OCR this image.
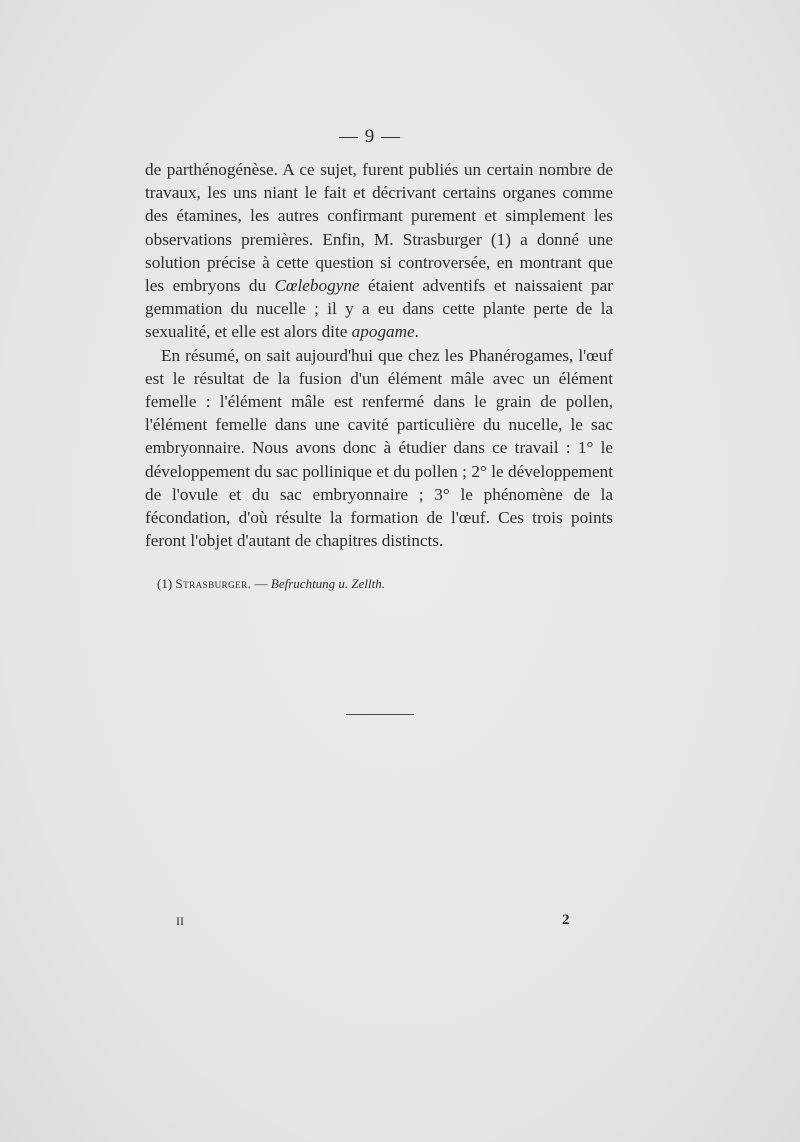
— 9 —

de parthénogénèse. A ce sujet, furent publiés un certain nombre de travaux, les uns niant le fait et décrivant certains organes comme des étamines, les autres confirmant purement et simplement les observations premières. Enfin, M. Strasburger (1) a donné une solution précise à cette question si controversée, en montrant que les embryons du Cœlebogyne étaient adventifs et naissaient par gemmation du nucelle ; il y a eu dans cette plante perte de la sexualité, et elle est alors dite apogame.

En résumé, on sait aujourd'hui que chez les Phanérogames, l'œuf est le résultat de la fusion d'un élément mâle avec un élément femelle : l'élément mâle est renfermé dans le grain de pollen, l'élément femelle dans une cavité particulière du nucelle, le sac embryonnaire. Nous avons donc à étudier dans ce travail : 1° le développement du sac pollinique et du pollen ; 2° le développement de l'ovule et du sac embryonnaire ; 3° le phénomène de la fécondation, d'où résulte la formation de l'œuf. Ces trois points feront l'objet d'autant de chapitres distincts.

(1) Strasburger. — Befruchtung u. Zellth.
II	2
